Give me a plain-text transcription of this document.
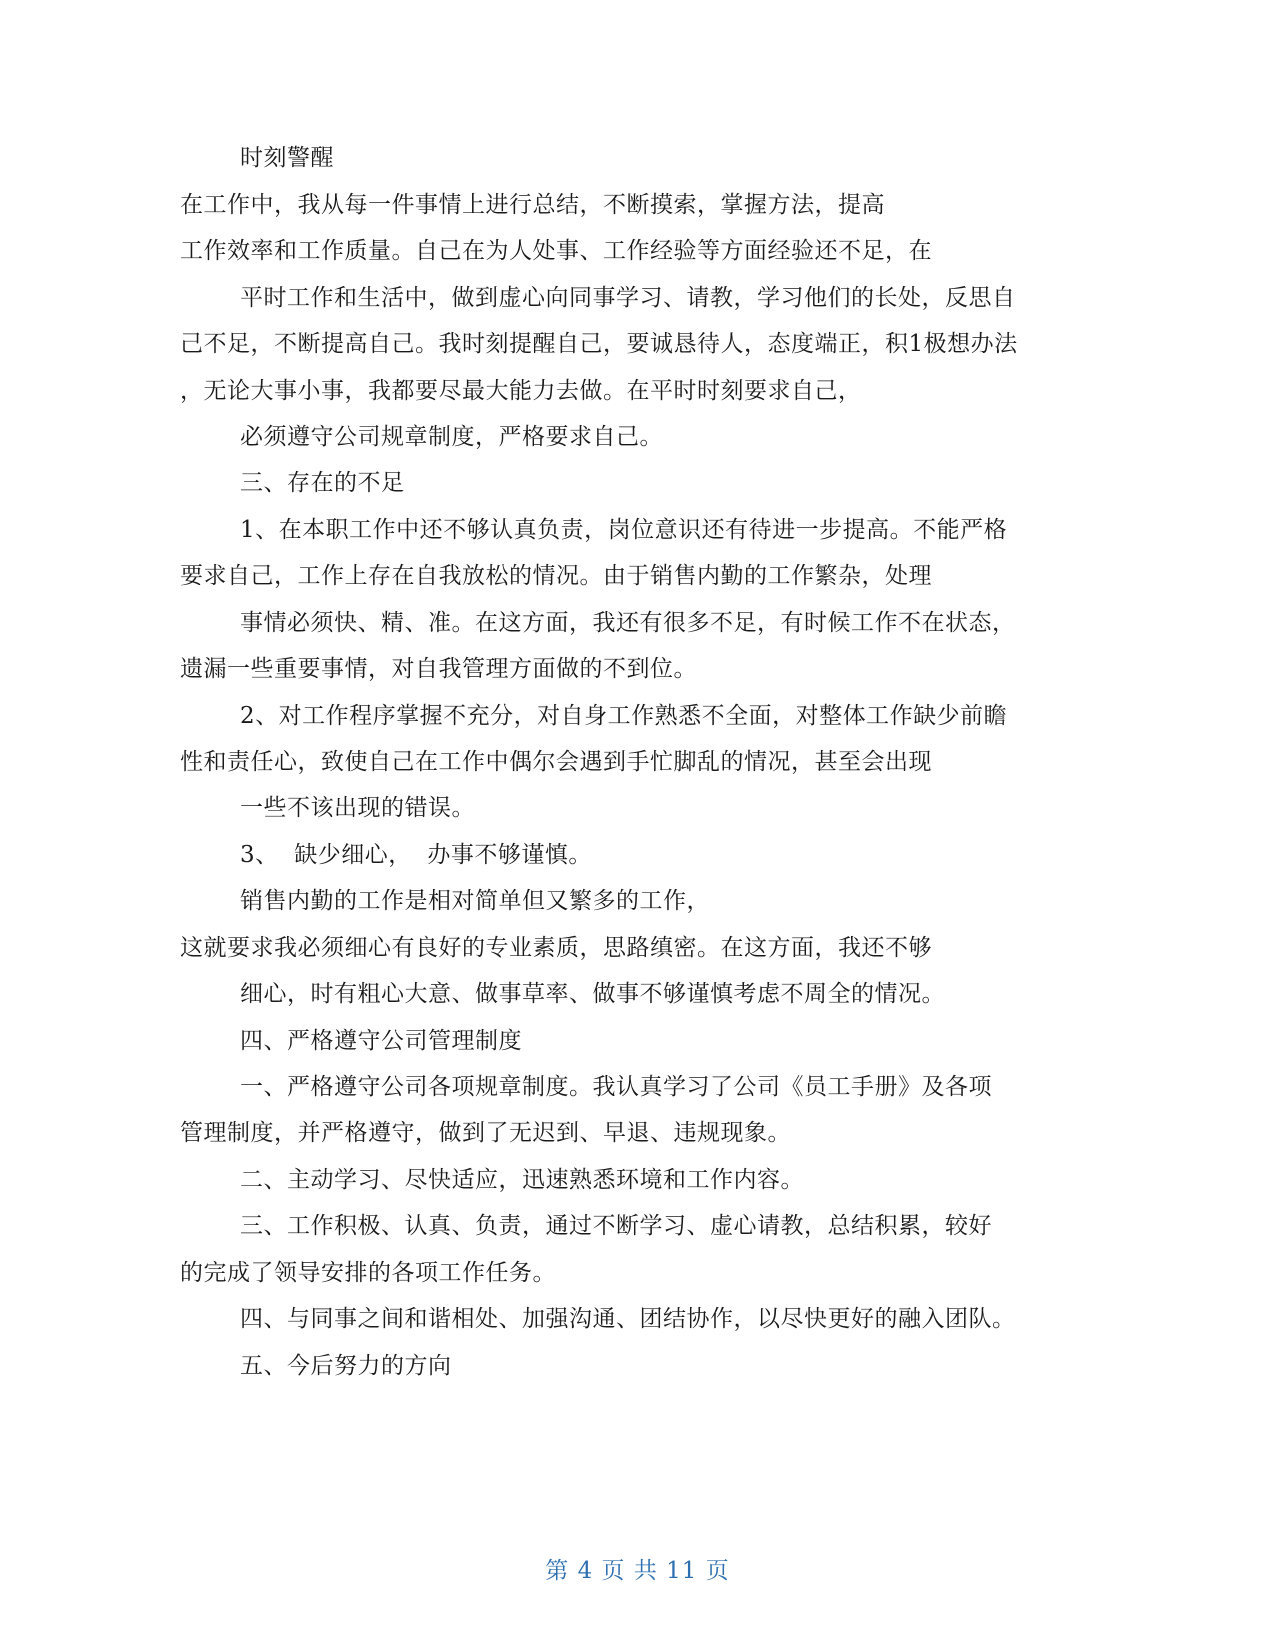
时刻警醒
在工作中，我从每一件事情上进行总结，不断摸索，掌握方法，提高
工作效率和工作质量。自己在为人处事、工作经验等方面经验还不足，在
平时工作和生活中，做到虚心向同事学习、请教，学习他们的长处，反思自
己不足，不断提高自己。我时刻提醒自己，要诚恳待人，态度端正，积1极想办法
，无论大事小事，我都要尽最大能力去做。在平时时刻要求自己，
必须遵守公司规章制度，严格要求自己。
三、存在的不足
1、在本职工作中还不够认真负责，岗位意识还有待进一步提高。不能严格
要求自己，工作上存在自我放松的情况。由于销售内勤的工作繁杂，处理
事情必须快、精、准。在这方面，我还有很多不足，有时候工作不在状态，
遗漏一些重要事情，对自我管理方面做的不到位。
2、对工作程序掌握不充分，对自身工作熟悉不全面，对整体工作缺少前瞻
性和责任心，致使自己在工作中偶尔会遇到手忙脚乱的情况，甚至会出现
一些不该出现的错误。
3、  缺少细心，  办事不够谨慎。
销售内勤的工作是相对简单但又繁多的工作，
这就要求我必须细心有良好的专业素质，思路缜密。在这方面，我还不够
细心，时有粗心大意、做事草率、做事不够谨慎考虑不周全的情况。
四、严格遵守公司管理制度
一、严格遵守公司各项规章制度。我认真学习了公司《员工手册》及各项
管理制度，并严格遵守，做到了无迟到、早退、违规现象。
二、主动学习、尽快适应，迅速熟悉环境和工作内容。
三、工作积极、认真、负责，通过不断学习、虚心请教，总结积累，较好
的完成了领导安排的各项工作任务。
四、与同事之间和谐相处、加强沟通、团结协作，以尽快更好的融入团队。
五、今后努力的方向
第 4 页 共 11 页
